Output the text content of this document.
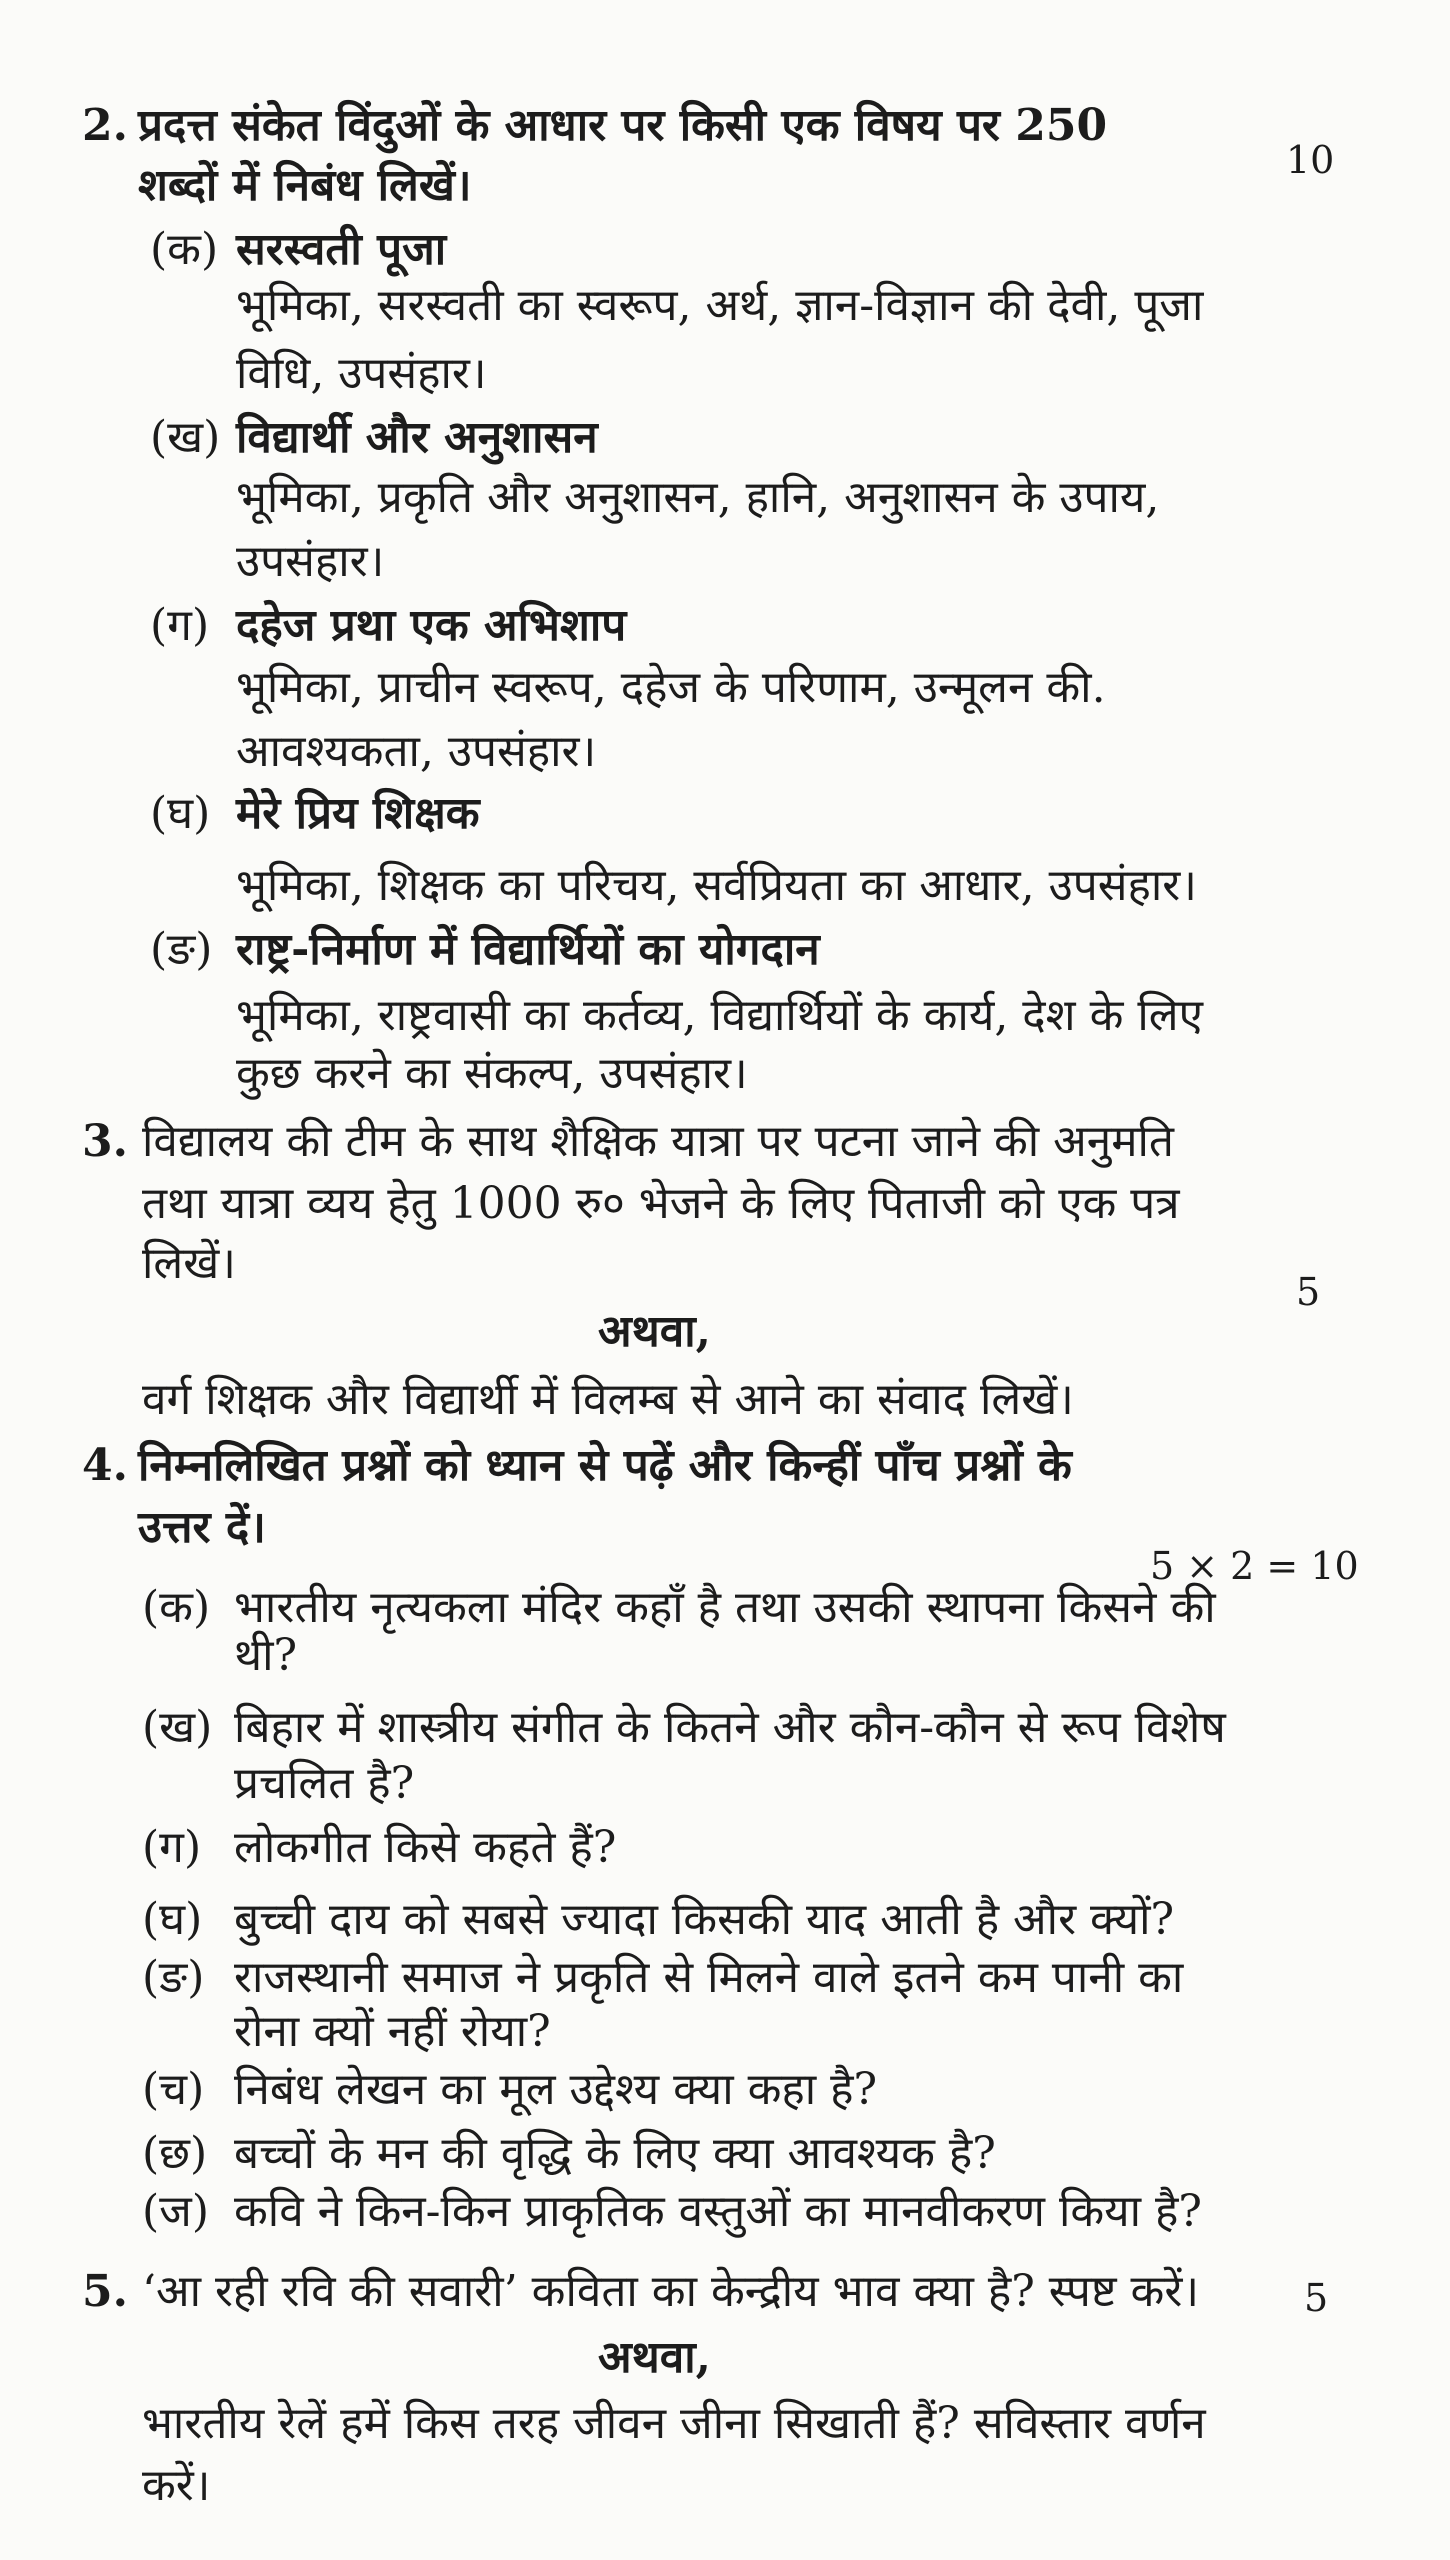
2. प्रदत्त संकेत विंदुओं के आधार पर किसी एक विषय पर 250
शब्दों में निबंध लिखें।	10
(क) सरस्वती पूजा
भूमिका, सरस्वती का स्वरूप, अर्थ, ज्ञान-विज्ञान की देवी, पूजा
विधि, उपसंहार।
(ख) विद्यार्थी और अनुशासन
भूमिका, प्रकृति और अनुशासन, हानि, अनुशासन के उपाय,
उपसंहार।
(ग) दहेज प्रथा एक अभिशाप
भूमिका, प्राचीन स्वरूप, दहेज के परिणाम, उन्मूलन की.
आवश्यकता, उपसंहार।
(घ) मेरे प्रिय शिक्षक
भूमिका, शिक्षक का परिचय, सर्वप्रियता का आधार, उपसंहार।
(ङ) राष्ट्र-निर्माण में विद्यार्थियों का योगदान
भूमिका, राष्ट्रवासी का कर्तव्य, विद्यार्थियों के कार्य, देश के लिए
कुछ करने का संकल्प, उपसंहार।
3. विद्यालय की टीम के साथ शैक्षिक यात्रा पर पटना जाने की अनुमति
तथा यात्रा व्यय हेतु 1000 रु० भेजने के लिए पिताजी को एक पत्र
लिखें।
5
अथवा,
वर्ग शिक्षक और विद्यार्थी में विलम्ब से आने का संवाद लिखें।
4. निम्नलिखित प्रश्नों को ध्यान से पढ़ें और किन्हीं पाँच प्रश्नों के
उत्तर दें।
5 × 2 = 10
(क) भारतीय नृत्यकला मंदिर कहाँ है तथा उसकी स्थापना किसने की
थी?
(ख) बिहार में शास्त्रीय संगीत के कितने और कौन-कौन से रूप विशेष
प्रचलित है?
(ग) लोकगीत किसे कहते हैं?
(घ) बुच्ची दाय को सबसे ज्यादा किसकी याद आती है और क्यों?
(ङ) राजस्थानी समाज ने प्रकृति से मिलने वाले इतने कम पानी का
रोना क्यों नहीं रोया?
(च) निबंध लेखन का मूल उद्देश्य क्या कहा है?
(छ) बच्चों के मन की वृद्धि के लिए क्या आवश्यक है?
(ज) कवि ने किन-किन प्राकृतिक वस्तुओं का मानवीकरण किया है?
5. ‘आ रही रवि की सवारी’ कविता का केन्द्रीय भाव क्या है? स्पष्ट करें।	5
अथवा,
भारतीय रेलें हमें किस तरह जीवन जीना सिखाती हैं? सविस्तार वर्णन
करें।
